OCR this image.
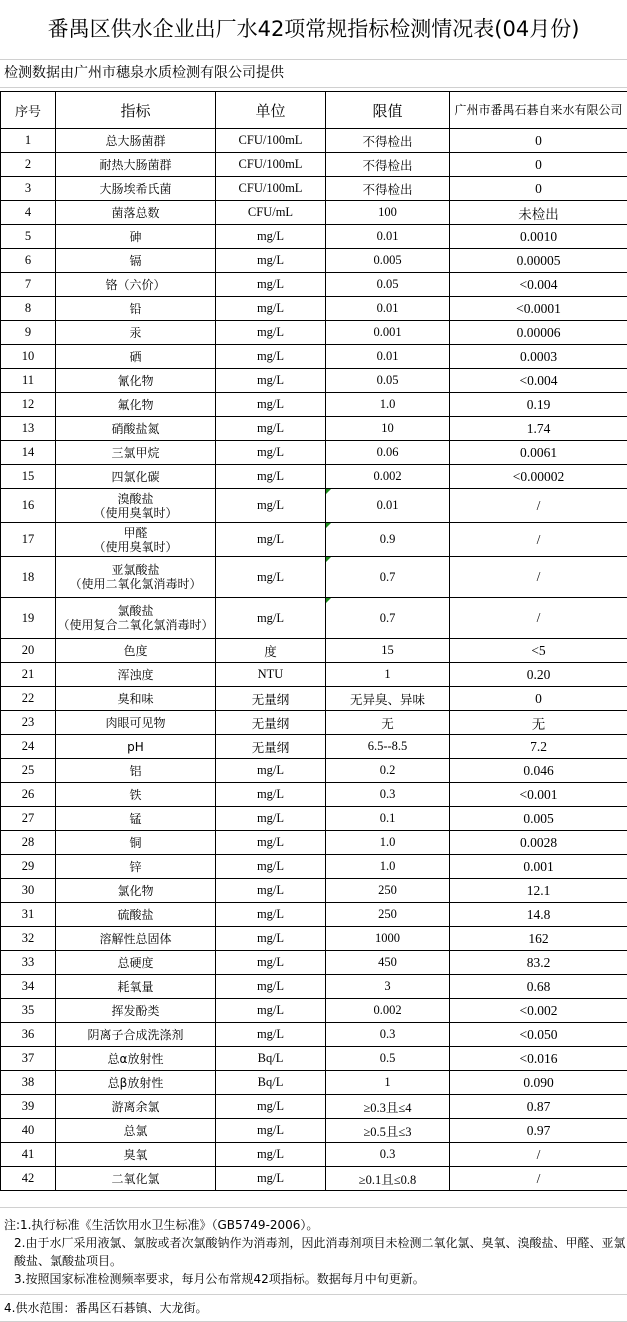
番禺区供水企业出厂水42项常规指标检测情况表(04月份)
检测数据由广州市穗泉水质检测有限公司提供
序号	指标	单位	限值	广州市番禺石碁自来水有限公司
1	总大肠菌群	CFU/100mL	不得检出	0
2	耐热大肠菌群	CFU/100mL	不得检出	0
3	大肠埃希氏菌	CFU/100mL	不得检出	0
4	菌落总数	CFU/mL	100	未检出
5	砷	mg/L	0.01	0.0010
6	镉	mg/L	0.005	0.00005
7	铬（六价）	mg/L	0.05	<0.004
8	铅	mg/L	0.01	<0.0001
9	汞	mg/L	0.001	0.00006
10	硒	mg/L	0.01	0.0003
11	氰化物	mg/L	0.05	<0.004
12	氟化物	mg/L	1.0	0.19
13	硝酸盐氮	mg/L	10	1.74
14	三氯甲烷	mg/L	0.06	0.0061
15	四氯化碳	mg/L	0.002	<0.00002
16	溴酸盐
（使用臭氧时）	mg/L	0.01	/
17	甲醛
（使用臭氧时）	mg/L	0.9	/
18	亚氯酸盐
（使用二氧化氯消毒时）	mg/L	0.7	/
19	氯酸盐
（使用复合二氧化氯消毒时）	mg/L	0.7	/
20	色度	度	15	<5
21	浑浊度	NTU	1	0.20
22	臭和味	无量纲	无异臭、异味	0
23	肉眼可见物	无量纲	无	无
24	pH	无量纲	6.5--8.5	7.2
25	铝	mg/L	0.2	0.046
26	铁	mg/L	0.3	<0.001
27	锰	mg/L	0.1	0.005
28	铜	mg/L	1.0	0.0028
29	锌	mg/L	1.0	0.001
30	氯化物	mg/L	250	12.1
31	硫酸盐	mg/L	250	14.8
32	溶解性总固体	mg/L	1000	162
33	总硬度	mg/L	450	83.2
34	耗氧量	mg/L	3	0.68
35	挥发酚类	mg/L	0.002	<0.002
36	阴离子合成洗涤剂	mg/L	0.3	<0.050
37	总α放射性	Bq/L	0.5	<0.016
38	总β放射性	Bq/L	1	0.090
39	游离余氯	mg/L	≥0.3且≤4	0.87
40	总氯	mg/L	≥0.5且≤3	0.97
41	臭氧	mg/L	0.3	/
42	二氧化氯	mg/L	≥0.1且≤0.8	/
注:1.执行标准《生活饮用水卫生标准》（GB5749-2006）。
2.由于水厂采用液氯、氯胺或者次氯酸钠作为消毒剂，因此消毒剂项目未检测二氧化氯、臭氧、溴酸盐、甲醛、亚氯酸盐、氯酸盐项目。
3.按照国家标准检测频率要求，每月公布常规42项指标。数据每月中旬更新。
4.供水范围：番禺区石碁镇、大龙街。
